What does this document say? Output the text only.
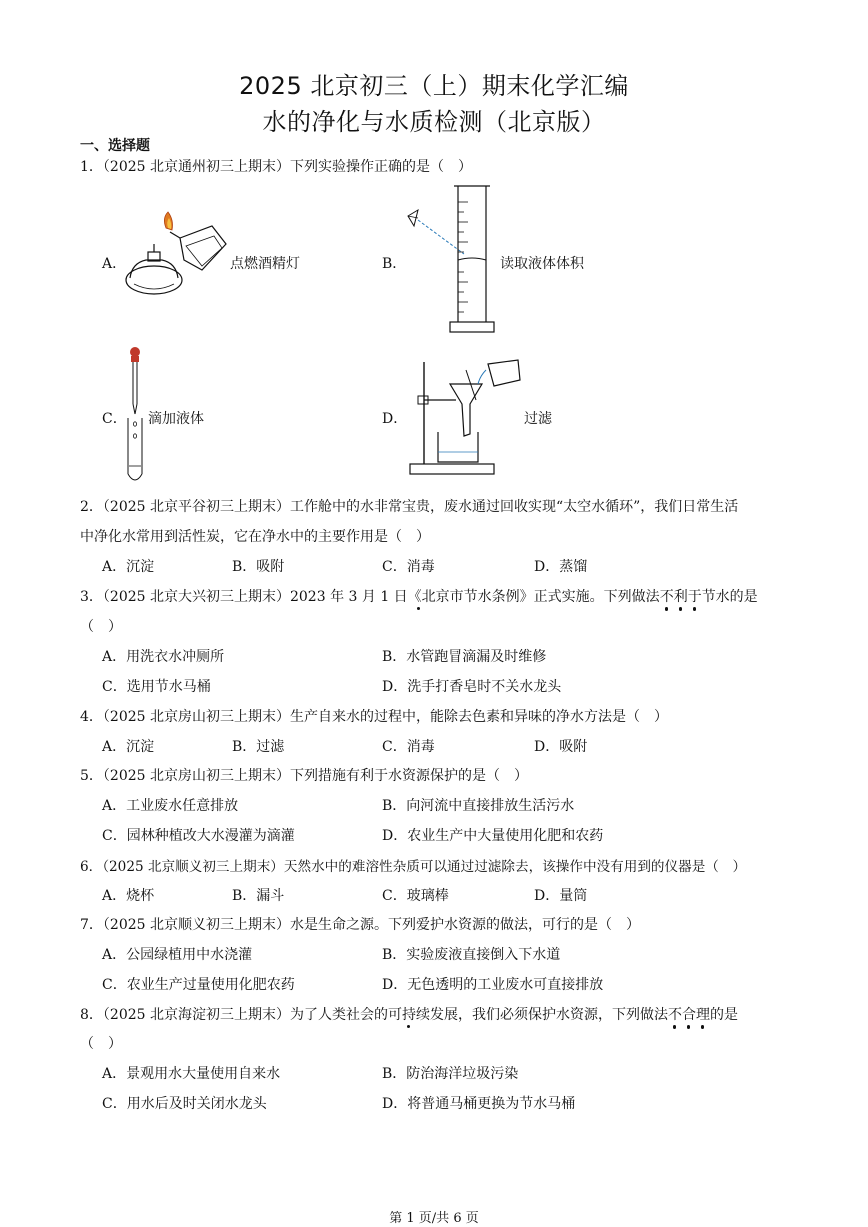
2025 北京初三（上）期末化学汇编
水的净化与水质检测（北京版）
一、选择题
1．（2025 北京通州初三上期末）下列实验操作正确的是（　）
A．	点燃酒精灯	B．	读取液体体积
C． 滴加液体	D．	过滤
2．（2025 北京平谷初三上期末）工作舱中的水非常宝贵，废水通过回收实现“太空水循环”，我们日常生活
中净化水常用到活性炭，它在净水中的主要作用是（　）
A．沉淀	B．吸附	C．消毒	D．蒸馏
3．（2025 北京大兴初三上期末）2023 年 3 月 1 日《北京市节水条例》正式实施。下列做法不
利
于
节水的是
（　）
A．用洗衣水冲厕所	B．水管跑冒滴漏及时维修
C．选用节水马桶	D．洗手打香皂时不关水龙头
4．（2025 北京房山初三上期末）生产自来水的过程中，能除去色素和异味的净水方法是（　）
A．沉淀	B．过滤	C．消毒	D．吸附
5．（2025 北京房山初三上期末）下列措施有利于水资源保护的是（　）
A．工业废水任意排放	B．向河流中直接排放生活污水
C．园林种植改大水漫灌为滴灌	D．农业生产中大量使用化肥和农药
6．（2025 北京顺义初三上期末）天然水中的难溶性杂质可以通过过滤除去，该操作中没有用到的仪器是（　）
A．烧杯	B．漏斗	C．玻璃棒	D．量筒
7．（2025 北京顺义初三上期末）水是生命之源。下列爱护水资源的做法，可行的是（　）
A．公园绿植用中水浇灌	B．实验废液直接倒入下水道
C．农业生产过量使用化肥农药	D．无色透明的工业废水可直接排放
8．（2025 北京海淀初三上期末）为了人类社会的可持续发展，我们必须保护水资源，下列做法不
合
理
的是
（　）
A．景观用水大量使用自来水	B．防治海洋垃圾污染
C．用水后及时关闭水龙头	D．将普通马桶更换为节水马桶
第 1 页/共 6 页
